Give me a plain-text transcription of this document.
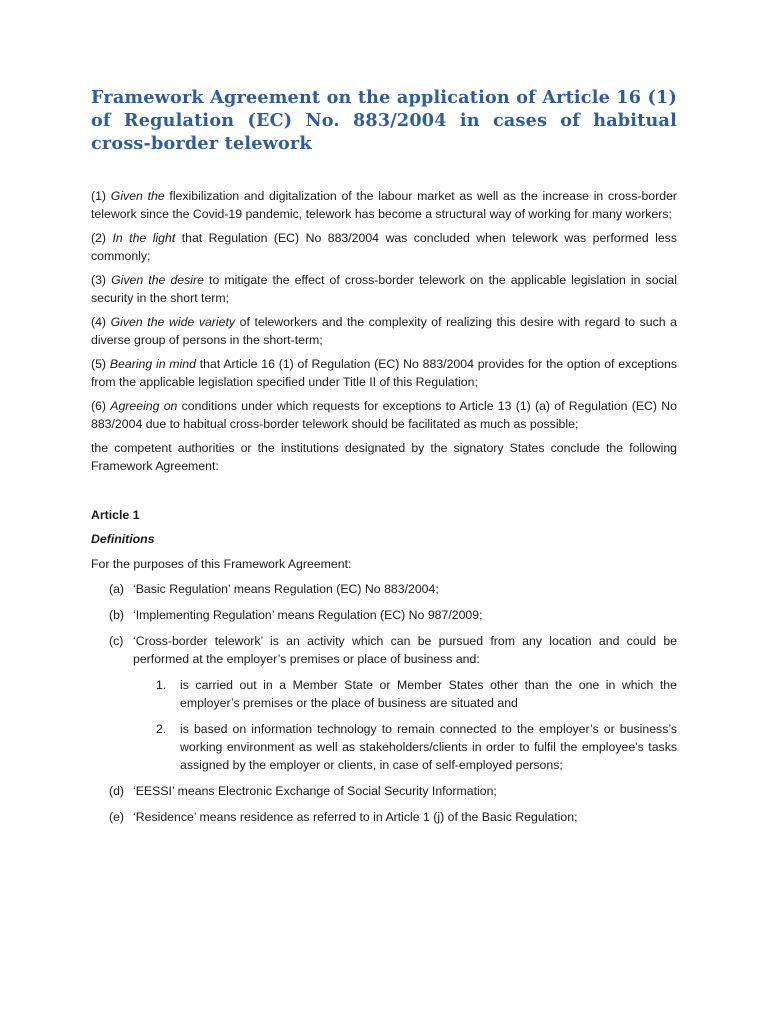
Framework Agreement on the application of Article 16 (1) of Regulation (EC) No. 883/2004 in cases of habitual cross-border telework

(1) Given the flexibilization and digitalization of the labour market as well as the increase in cross-border telework since the Covid-19 pandemic, telework has become a structural way of working for many workers;

(2) In the light that Regulation (EC) No 883/2004 was concluded when telework was performed less commonly;

(3) Given the desire to mitigate the effect of cross-border telework on the applicable legislation in social security in the short term;

(4) Given the wide variety of teleworkers and the complexity of realizing this desire with regard to such a diverse group of persons in the short-term;

(5) Bearing in mind that Article 16 (1) of Regulation (EC) No 883/2004 provides for the option of exceptions from the applicable legislation specified under Title II of this Regulation;

(6) Agreeing on conditions under which requests for exceptions to Article 13 (1) (a) of Regulation (EC) No 883/2004 due to habitual cross-border telework should be facilitated as much as possible;

the competent authorities or the institutions designated by the signatory States conclude the following Framework Agreement:

Article 1
Definitions

For the purposes of this Framework Agreement:

(a) ‘Basic Regulation’ means Regulation (EC) No 883/2004;
(b) ‘Implementing Regulation’ means Regulation (EC) No 987/2009;
(c) ‘Cross-border telework’ is an activity which can be pursued from any location and could be performed at the employer’s premises or place of business and:
1. is carried out in a Member State or Member States other than the one in which the employer’s premises or the place of business are situated and
2. is based on information technology to remain connected to the employer’s or business’s working environment as well as stakeholders/clients in order to fulfil the employee’s tasks assigned by the employer or clients, in case of self-employed persons;
(d) ‘EESSI’ means Electronic Exchange of Social Security Information;
(e) ‘Residence’ means residence as referred to in Article 1 (j) of the Basic Regulation;
